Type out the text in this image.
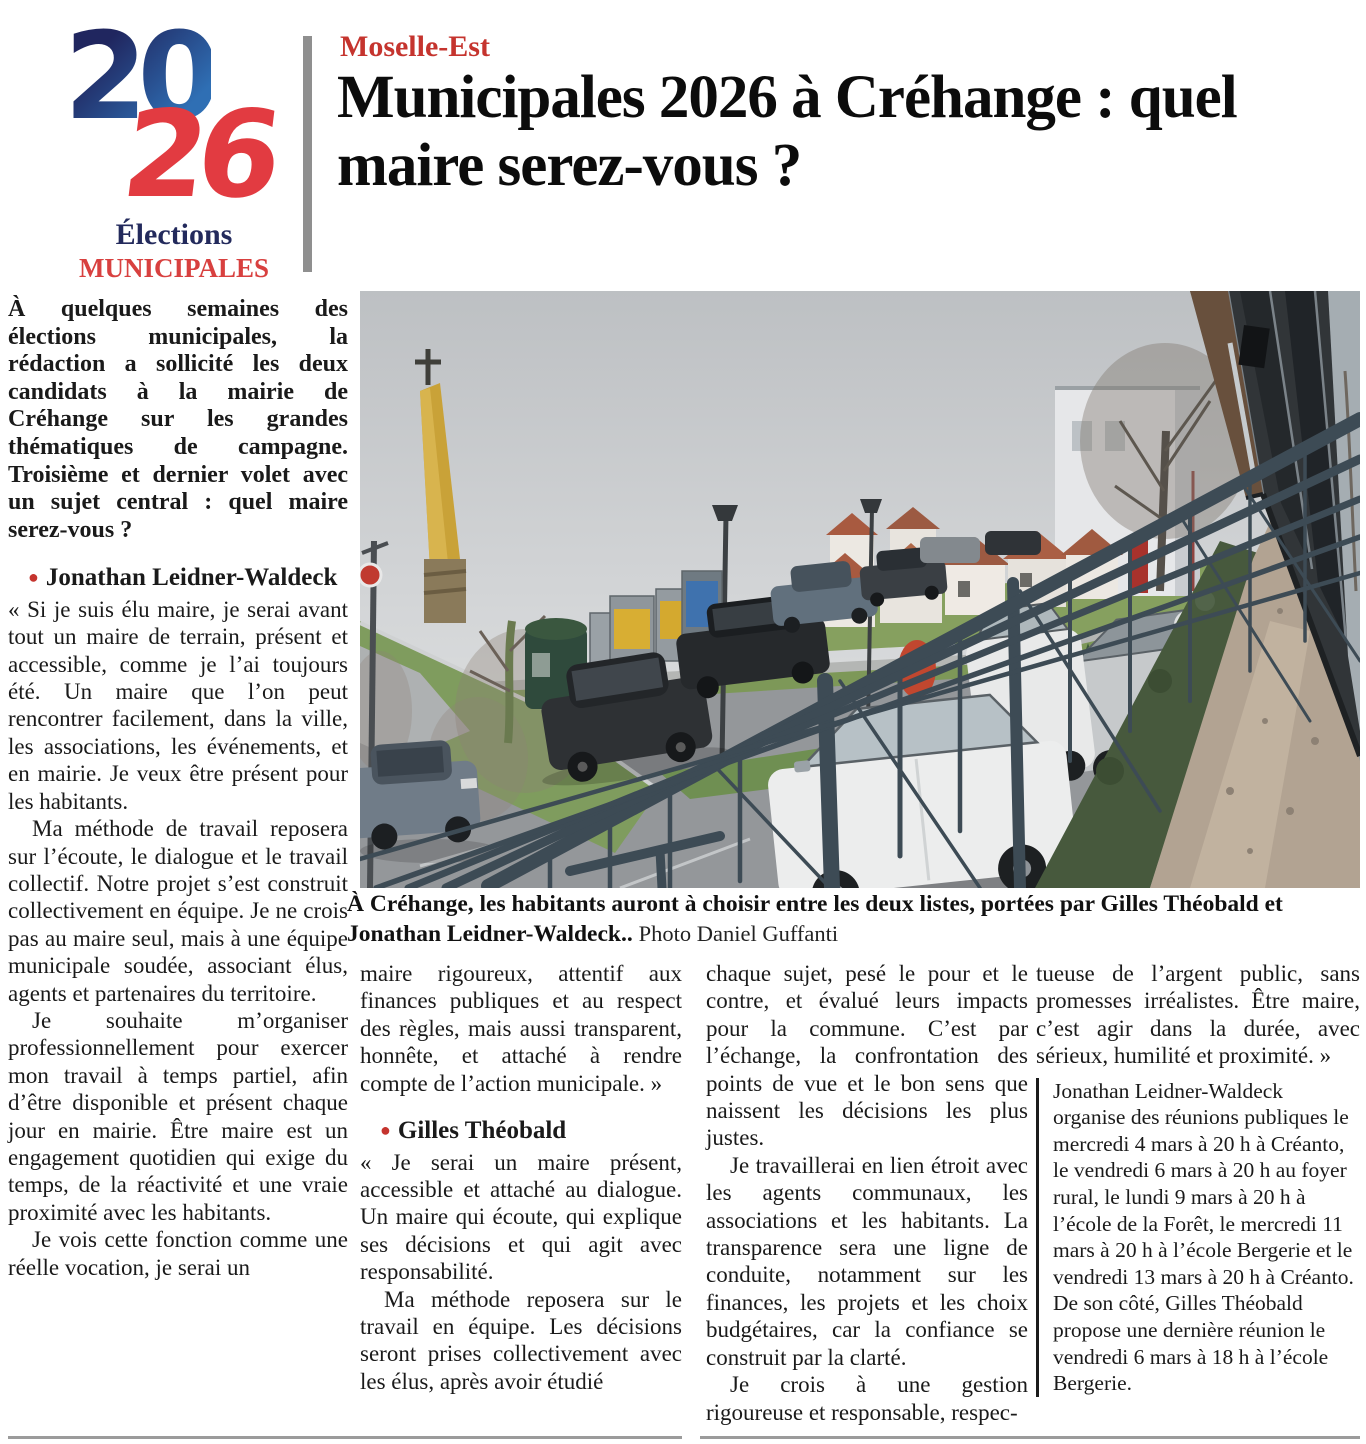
20
26
Élections
MUNICIPALES
Moselle-Est
Municipales 2026 à Créhange : quel maire serez-vous ?

À quelques semaines des élections municipales, la rédaction a sollicité les deux candidats à la mairie de Créhange sur les grandes thématiques de campagne. Troisième et dernier volet avec un sujet central : quel maire serez-vous ?

● Jonathan Leidner-Waldeck

« Si je suis élu maire, je serai avant tout un maire de terrain, présent et accessible, comme je l’ai toujours été. Un maire que l’on peut rencontrer facilement, dans la ville, les associations, les événements, et en mairie. Je veux être présent pour les habitants.

Ma méthode de travail reposera sur l’écoute, le dialogue et le travail collectif. Notre projet s’est construit collectivement en équipe. Je ne crois pas au maire seul, mais à une équipe municipale soudée, associant élus, agents et partenaires du territoire.

Je souhaite m’organiser professionnellement pour exercer mon travail à temps partiel, afin d’être disponible et présent chaque jour en mairie. Être maire est un engagement quotidien qui exige du temps, de la réactivité et une vraie proximité avec les habitants.

Je vois cette fonction comme une réelle vocation, je serai un

À Créhange, les habitants auront à choisir entre les deux listes, portées par Gilles Théobald et Jonathan Leidner-Waldeck.. Photo Daniel Guffanti

maire rigoureux, attentif aux finances publiques et au respect des règles, mais aussi transparent, honnête, et attaché à rendre compte de l’action municipale. »

● Gilles Théobald

« Je serai un maire présent, accessible et attaché au dialogue. Un maire qui écoute, qui explique ses décisions et qui agit avec responsabilité.

Ma méthode reposera sur le travail en équipe. Les décisions seront prises collectivement avec les élus, après avoir étudié

chaque sujet, pesé le pour et le contre, et évalué leurs impacts pour la commune. C’est par l’échange, la confrontation des points de vue et le bon sens que naissent les décisions les plus justes.

Je travaillerai en lien étroit avec les agents communaux, les associations et les habitants. La transparence sera une ligne de conduite, notamment sur les finances, les projets et les choix budgétaires, car la confiance se construit par la clarté.

Je crois à une gestion rigoureuse et responsable, respec-

tueuse de l’argent public, sans promesses irréalistes. Être maire, c’est agir dans la durée, avec sérieux, humilité et proximité. »

Jonathan Leidner-Waldeck organise des réunions publiques le mercredi 4 mars à 20 h à Créanto, le vendredi 6 mars à 20 h au foyer rural, le lundi 9 mars à 20 h à l’école de la Forêt, le mercredi 11 mars à 20 h à l’école Bergerie et le vendredi 13 mars à 20 h à Créanto. De son côté, Gilles Théobald propose une dernière réunion le vendredi 6 mars à 18 h à l’école Bergerie.
